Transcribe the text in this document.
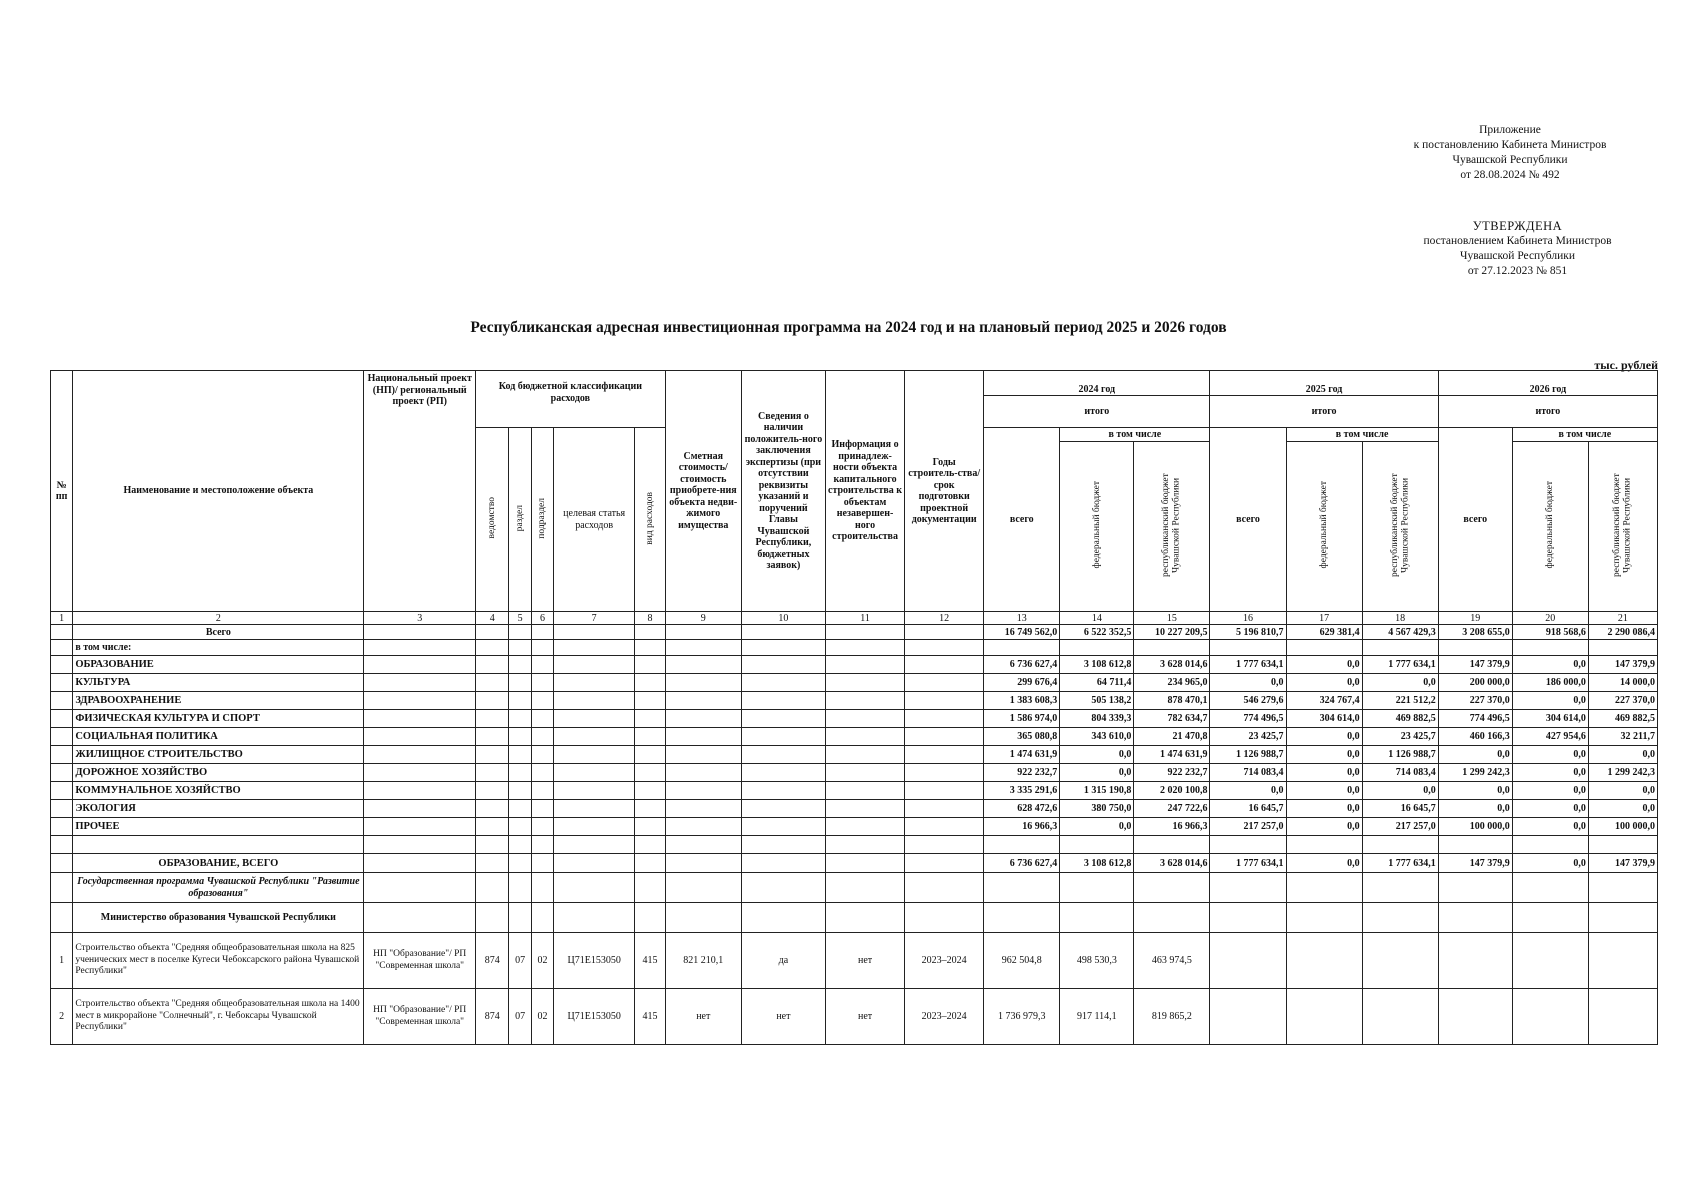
Приложение
к постановлению Кабинета Министров
Чувашской Республики
от 28.08.2024 № 492
УТВЕРЖДЕНА
постановлением Кабинета Министров
Чувашской Республики
от 27.12.2023 № 851
Республиканская адресная инвестиционная программа на 2024 год и на плановый период 2025 и 2026 годов
тыс. рублей
№
пп	Наименование и местоположение объекта	Национальный проект (НП)/ региональный проект (РП)	Код бюджетной классификации расходов					Сметная стоимость/ стоимость приобрете-ния объекта недви-жимого имущества	Сведения о наличии положитель-ного заключения экспертизы (при отсутствии реквизиты указаний и поручений Главы Чувашской Республики, бюджетных заявок)	Информация о принадлеж-ности объекта капитального строительства к объектам незавершен-ного строительства	Годы строитель-ства/срок подготовки проектной документации	2024 год			2025 год			2026 год		
												итого			итого			итого		
			ведомство	раздел	подраздел	целевая статья расходов	вид расходов					всего	в том числе		всего	в том числе		всего	в том числе	
													федеральный бюджет	республиканский бюджет Чувашской Республики		федеральный бюджет	республиканский бюджет Чувашской Республики		федеральный бюджет	республиканский бюджет Чувашской Республики
1	2	3	4	5	6	7	8	9	10	11	12	13	14	15	16	17	18	19	20	21
	Всего											16 749 562,0	6 522 352,5	10 227 209,5	5 196 810,7	629 381,4	4 567 429,3	3 208 655,0	918 568,6	2 290 086,4
	в том числе:																			
	ОБРАЗОВАНИЕ											6 736 627,4	3 108 612,8	3 628 014,6	1 777 634,1	0,0	1 777 634,1	147 379,9	0,0	147 379,9
	КУЛЬТУРА											299 676,4	64 711,4	234 965,0	0,0	0,0	0,0	200 000,0	186 000,0	14 000,0
	ЗДРАВООХРАНЕНИЕ											1 383 608,3	505 138,2	878 470,1	546 279,6	324 767,4	221 512,2	227 370,0	0,0	227 370,0
	ФИЗИЧЕСКАЯ КУЛЬТУРА И СПОРТ											1 586 974,0	804 339,3	782 634,7	774 496,5	304 614,0	469 882,5	774 496,5	304 614,0	469 882,5
	СОЦИАЛЬНАЯ ПОЛИТИКА											365 080,8	343 610,0	21 470,8	23 425,7	0,0	23 425,7	460 166,3	427 954,6	32 211,7
	ЖИЛИЩНОЕ СТРОИТЕЛЬСТВО											1 474 631,9	0,0	1 474 631,9	1 126 988,7	0,0	1 126 988,7	0,0	0,0	0,0
	ДОРОЖНОЕ ХОЗЯЙСТВО											922 232,7	0,0	922 232,7	714 083,4	0,0	714 083,4	1 299 242,3	0,0	1 299 242,3
	КОММУНАЛЬНОЕ ХОЗЯЙСТВО											3 335 291,6	1 315 190,8	2 020 100,8	0,0	0,0	0,0	0,0	0,0	0,0
	ЭКОЛОГИЯ											628 472,6	380 750,0	247 722,6	16 645,7	0,0	16 645,7	0,0	0,0	0,0
	ПРОЧЕЕ											16 966,3	0,0	16 966,3	217 257,0	0,0	217 257,0	100 000,0	0,0	100 000,0

	ОБРАЗОВАНИЕ, ВСЕГО											6 736 627,4	3 108 612,8	3 628 014,6	1 777 634,1	0,0	1 777 634,1	147 379,9	0,0	147 379,9
	Государственная программа Чувашской Республики "Развитие образования"																			
	Министерство образования Чувашской Республики																			
1	Строительство объекта "Средняя общеобразовательная школа на 825 ученических мест в поселке Кугеси Чебоксарского района Чувашской Республики"	НП "Образование"/ РП "Современная школа"	874	07	02	Ц71Е153050	415	821 210,1	да	нет	2023–2024	962 504,8	498 530,3	463 974,5						
2	Строительство объекта "Средняя общеобразовательная школа на 1400 мест в микрорайоне "Солнечный", г. Чебоксары Чувашской Республики"	НП "Образование"/ РП "Современная школа"	874	07	02	Ц71Е153050	415	нет	нет	нет	2023–2024	1 736 979,3	917 114,1	819 865,2						
